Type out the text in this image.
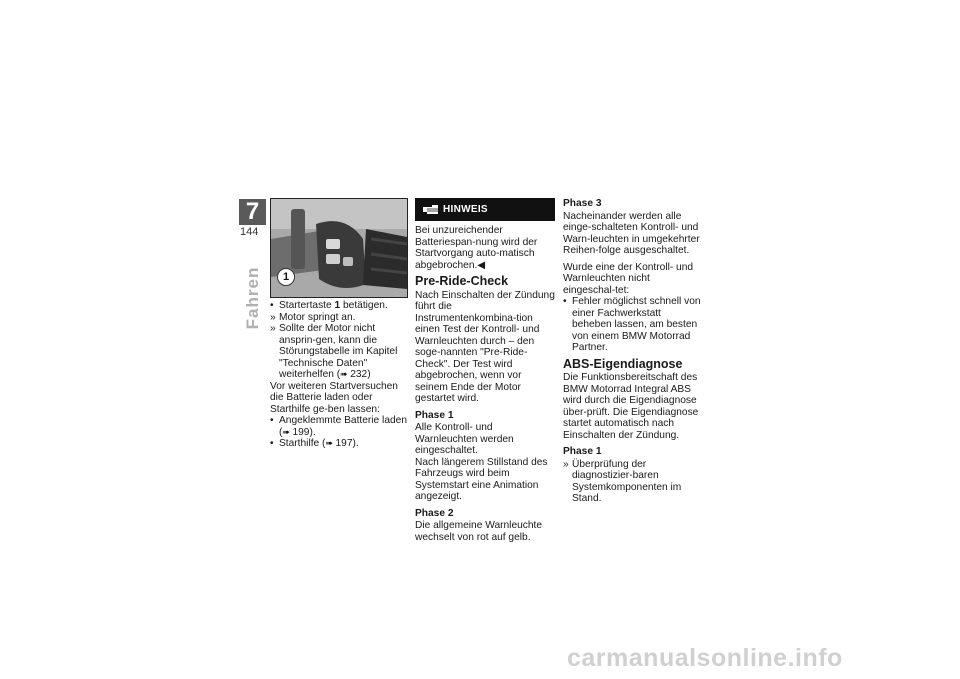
7
144
Fahren	1
• Startertaste 1 betätigen.
» Motor springt an.
» Sollte der Motor nicht ansprin-gen, kann die Störungstabelle im Kapitel "Technische Daten" weiterhelfen (➠ 232)

Vor weiteren Startversuchen die Batterie laden oder Starthilfe ge-ben lassen:

• Angeklemmte Batterie laden (➠ 199).
• Starthilfe (➠ 197).
HINWEIS

Bei unzureichender Batteriespan-nung wird der Startvorgang auto-matisch abgebrochen.◀

Pre-Ride-Check

Nach Einschalten der Zündung führt die Instrumentenkombina-tion einen Test der Kontroll- und Warnleuchten durch – den soge-nannten "Pre-Ride-Check". Der Test wird abgebrochen, wenn vor seinem Ende der Motor gestartet wird.

Phase 1

Alle Kontroll- und Warnleuchten werden eingeschaltet.

Nach längerem Stillstand des Fahrzeugs wird beim Systemstart eine Animation angezeigt.

Phase 2

Die allgemeine Warnleuchte wechselt von rot auf gelb.

Phase 3

Nacheinander werden alle einge-schalteten Kontroll- und Warn-leuchten in umgekehrter Reihen-folge ausgeschaltet.

Wurde eine der Kontroll- und Warnleuchten nicht eingeschal-tet:

• Fehler möglichst schnell von einer Fachwerkstatt beheben lassen, am besten von einem BMW Motorrad Partner.
ABS-Eigendiagnose

Die Funktionsbereitschaft des BMW Motorrad Integral ABS wird durch die Eigendiagnose über-prüft. Die Eigendiagnose startet automatisch nach Einschalten der Zündung.

Phase 1
» Überprüfung der diagnostizier-baren Systemkomponenten im Stand.
carmanualsonline.info
